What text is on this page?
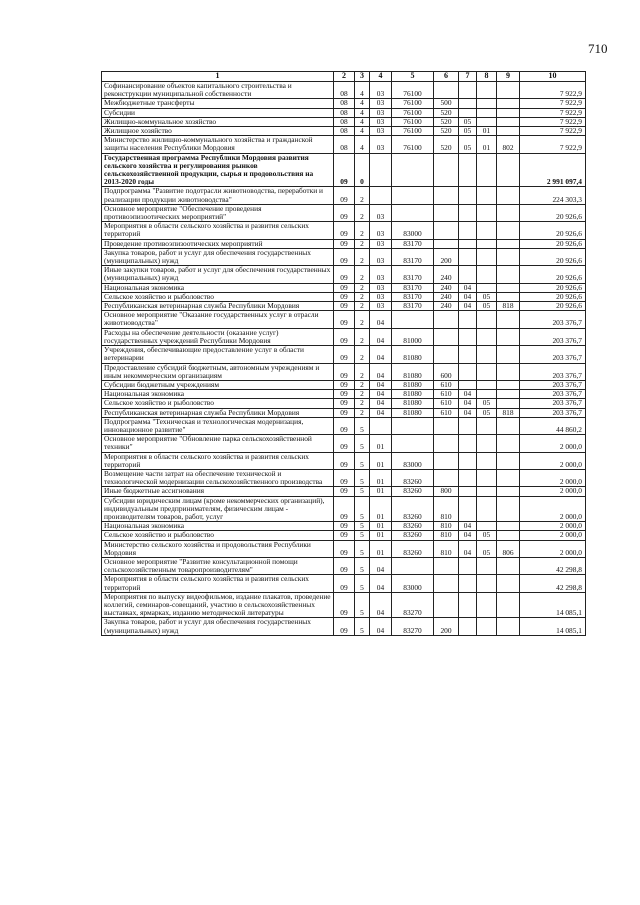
710
1	2	3	4	5	6	7	8	9	10
Софинансирование объектов капитального строительства и реконструкции муниципальной собственности	08	4	03	76100					7 922,9
Межбюджетные трансферты	08	4	03	76100	500				7 922,9
Субсидии	08	4	03	76100	520				7 922,9
Жилищно-коммунальное хозяйство	08	4	03	76100	520	05			7 922,9
Жилищное хозяйство	08	4	03	76100	520	05	01		7 922,9
Министерство жилищно-коммунального хозяйства и гражданской защиты населения Республики Мордовия	08	4	03	76100	520	05	01	802	7 922,9
Государственная программа Республики Мордовия развития сельского хозяйства и регулирования рынков сельскохозяйственной продукции, сырья и продовольствия на 2013-2020 годы	09	0							2 991 097,4
Подпрограмма "Развитие подотрасли животноводства, переработки и реализации продукции животноводства"	09	2							224 303,3
Основное мероприятие "Обеспечение проведения противоэпизоотических мероприятий"	09	2	03						20 926,6
Мероприятия в области сельского хозяйства и развития сельских территорий	09	2	03	83000					20 926,6
Проведение противоэпизоотических мероприятий	09	2	03	83170					20 926,6
Закупка товаров, работ и услуг для обеспечения государственных (муниципальных) нужд	09	2	03	83170	200				20 926,6
Иные закупки товаров, работ и услуг для обеспечения государственных (муниципальных) нужд	09	2	03	83170	240				20 926,6
Национальная экономика	09	2	03	83170	240	04			20 926,6
Сельское хозяйство и рыболовство	09	2	03	83170	240	04	05		20 926,6
Республиканская ветеринарная служба Республики Мордовия	09	2	03	83170	240	04	05	818	20 926,6
Основное мероприятие "Оказание государственных услуг в отрасли животноводства"	09	2	04						203 376,7
Расходы на обеспечение деятельности (оказание услуг) государственных учреждений Республики Мордовия	09	2	04	81000					203 376,7
Учреждения, обеспечивающие предоставление услуг в области ветеринарии	09	2	04	81080					203 376,7
Предоставление субсидий бюджетным, автономным учреждениям и иным некоммерческим организациям	09	2	04	81080	600				203 376,7
Субсидии бюджетным учреждениям	09	2	04	81080	610				203 376,7
Национальная экономика	09	2	04	81080	610	04			203 376,7
Сельское хозяйство и рыболовство	09	2	04	81080	610	04	05		203 376,7
Республиканская ветеринарная служба Республики Мордовия	09	2	04	81080	610	04	05	818	203 376,7
Подпрограмма "Техническая и технологическая модернизация, инновационное развитие"	09	5							44 860,2
Основное мероприятие "Обновление парка сельскохозяйственной техники"	09	5	01						2 000,0
Мероприятия в области сельского хозяйства и развития сельских территорий	09	5	01	83000					2 000,0
Возмещение части затрат на обеспечение технической и технологической модернизации сельскохозяйственного производства	09	5	01	83260					2 000,0
Иные бюджетные ассигнования	09	5	01	83260	800				2 000,0
Субсидии юридическим лицам (кроме некоммерческих организаций), индивидуальным предпринимателям, физическим лицам - производителям товаров, работ, услуг	09	5	01	83260	810				2 000,0
Национальная экономика	09	5	01	83260	810	04			2 000,0
Сельское хозяйство и рыболовство	09	5	01	83260	810	04	05		2 000,0
Министерство сельского хозяйства и продовольствия Республики Мордовия	09	5	01	83260	810	04	05	806	2 000,0
Основное мероприятие "Развитие консультационной помощи сельскохозяйственным товаропроизводителям"	09	5	04						42 298,8
Мероприятия в области сельского хозяйства и развития сельских территорий	09	5	04	83000					42 298,8
Мероприятия по выпуску видеофильмов, издание плакатов, проведение коллегий, семинаров-совещаний, участию в сельскохозяйственных выставках, ярмарках, изданию методической литературы	09	5	04	83270					14 085,1
Закупка товаров, работ и услуг для обеспечения государственных (муниципальных) нужд	09	5	04	83270	200				14 085,1
